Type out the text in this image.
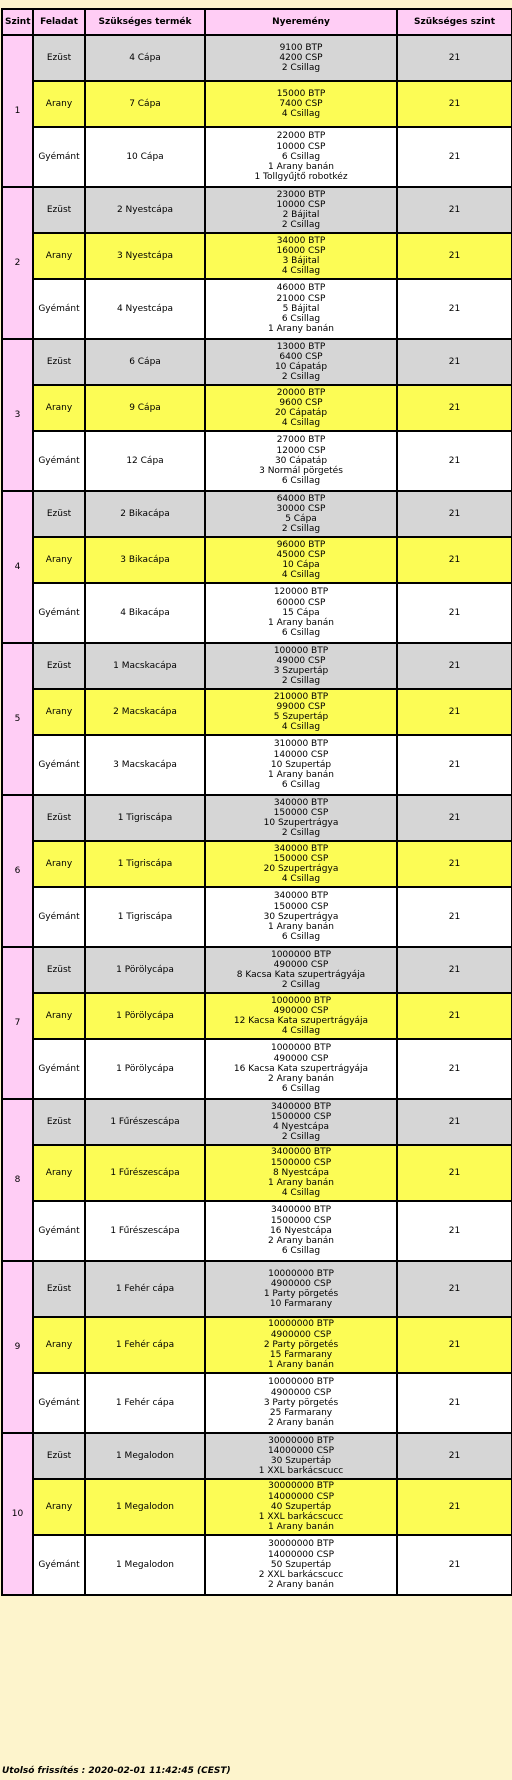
Szint	Feladat	Szükséges termék	Nyeremény	Szükséges szint
1	Ezüst	4 Cápa	9100 BTP
4200 CSP
2 Csillag	21
	Arany	7 Cápa	15000 BTP
7400 CSP
4 Csillag	21
	Gyémánt	10 Cápa	22000 BTP
10000 CSP
6 Csillag
1 Arany banán
1 Tollgyűjtő robotkéz	21
2	Ezüst	2 Nyestcápa	23000 BTP
10000 CSP
2 Bájital
2 Csillag	21
	Arany	3 Nyestcápa	34000 BTP
16000 CSP
3 Bájital
4 Csillag	21
	Gyémánt	4 Nyestcápa	46000 BTP
21000 CSP
5 Bájital
6 Csillag
1 Arany banán	21
3	Ezüst	6 Cápa	13000 BTP
6400 CSP
10 Cápatáp
2 Csillag	21
	Arany	9 Cápa	20000 BTP
9600 CSP
20 Cápatáp
4 Csillag	21
	Gyémánt	12 Cápa	27000 BTP
12000 CSP
30 Cápatáp
3 Normál pörgetés
6 Csillag	21
4	Ezüst	2 Bikacápa	64000 BTP
30000 CSP
5 Cápa
2 Csillag	21
	Arany	3 Bikacápa	96000 BTP
45000 CSP
10 Cápa
4 Csillag	21
	Gyémánt	4 Bikacápa	120000 BTP
60000 CSP
15 Cápa
1 Arany banán
6 Csillag	21
5	Ezüst	1 Macskacápa	100000 BTP
49000 CSP
3 Szupertáp
2 Csillag	21
	Arany	2 Macskacápa	210000 BTP
99000 CSP
5 Szupertáp
4 Csillag	21
	Gyémánt	3 Macskacápa	310000 BTP
140000 CSP
10 Szupertáp
1 Arany banán
6 Csillag	21
6	Ezüst	1 Tigriscápa	340000 BTP
150000 CSP
10 Szupertrágya
2 Csillag	21
	Arany	1 Tigriscápa	340000 BTP
150000 CSP
20 Szupertrágya
4 Csillag	21
	Gyémánt	1 Tigriscápa	340000 BTP
150000 CSP
30 Szupertrágya
1 Arany banán
6 Csillag	21
7	Ezüst	1 Pörölycápa	1000000 BTP
490000 CSP
8 Kacsa Kata szupertrágyája
2 Csillag	21
	Arany	1 Pörölycápa	1000000 BTP
490000 CSP
12 Kacsa Kata szupertrágyája
4 Csillag	21
	Gyémánt	1 Pörölycápa	1000000 BTP
490000 CSP
16 Kacsa Kata szupertrágyája
2 Arany banán
6 Csillag	21
8	Ezüst	1 Fűrészescápa	3400000 BTP
1500000 CSP
4 Nyestcápa
2 Csillag	21
	Arany	1 Fűrészescápa	3400000 BTP
1500000 CSP
8 Nyestcápa
1 Arany banán
4 Csillag	21
	Gyémánt	1 Fűrészescápa	3400000 BTP
1500000 CSP
16 Nyestcápa
2 Arany banán
6 Csillag	21
9	Ezüst	1 Fehér cápa	10000000 BTP
4900000 CSP
1 Party pörgetés
10 Farmarany	21
	Arany	1 Fehér cápa	10000000 BTP
4900000 CSP
2 Party pörgetés
15 Farmarany
1 Arany banán	21
	Gyémánt	1 Fehér cápa	10000000 BTP
4900000 CSP
3 Party pörgetés
25 Farmarany
2 Arany banán	21
10	Ezüst	1 Megalodon	30000000 BTP
14000000 CSP
30 Szupertáp
1 XXL barkácscucc	21
	Arany	1 Megalodon	30000000 BTP
14000000 CSP
40 Szupertáp
1 XXL barkácscucc
1 Arany banán	21
	Gyémánt	1 Megalodon	30000000 BTP
14000000 CSP
50 Szupertáp
2 XXL barkácscucc
2 Arany banán	21
Utolsó frissítés : 2020-02-01 11:42:45 (CEST)
